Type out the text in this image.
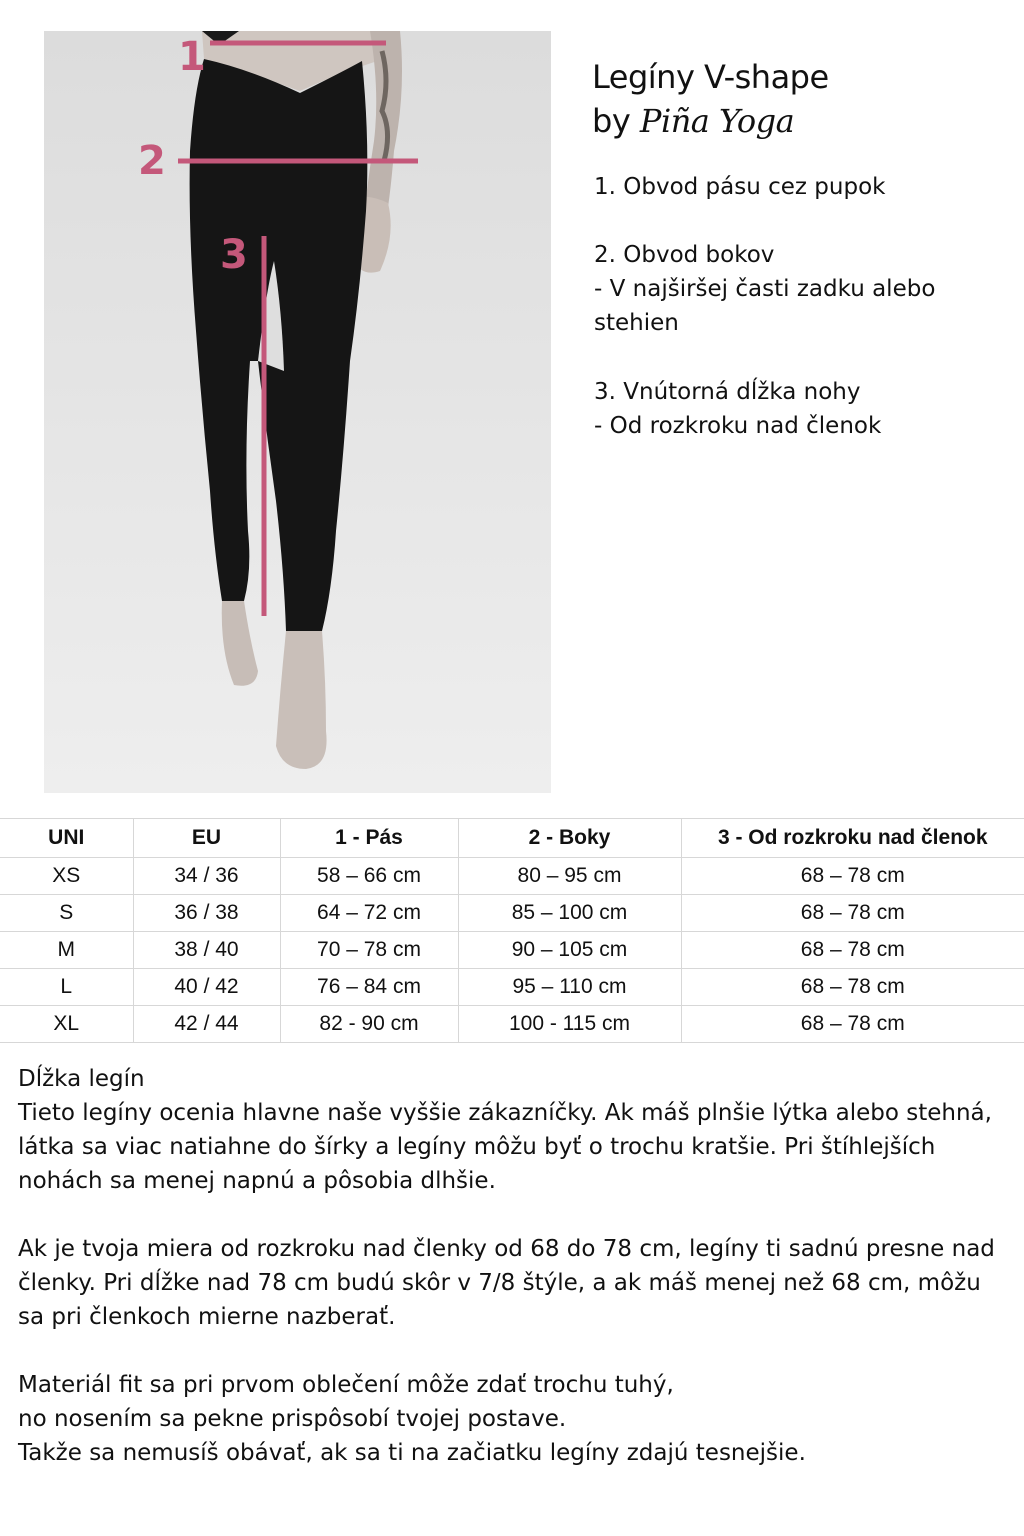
1
2
3
Legíny V-shape
by Piña Yoga
1. Obvod pásu cez pupok
2. Obvod bokov
- V najširšej časti zadku alebo stehien
3. Vnútorná dĺžka nohy
- Od rozkroku nad členok
UNI	EU	1 - Pás	2 - Boky	3 - Od rozkroku nad členok
XS	34 / 36	58 – 66 cm	80 – 95 cm	68 – 78 cm
S	36 / 38	64 – 72 cm	85 – 100 cm	68 – 78 cm
M	38 / 40	70 – 78 cm	90 – 105 cm	68 – 78 cm
L	40 / 42	76 – 84 cm	95 – 110 cm	68 – 78 cm
XL	42 / 44	82 - 90 cm	100 - 115 cm	68 – 78 cm

Dĺžka legín
Tieto legíny ocenia hlavne naše vyššie zákazníčky. Ak máš plnšie lýtka alebo stehná, látka sa viac natiahne do šírky a legíny môžu byť o trochu kratšie. Pri štíhlejších nohách sa menej napnú a pôsobia dlhšie.

Ak je tvoja miera od rozkroku nad členky od 68 do 78 cm, legíny ti sadnú presne nad členky. Pri dĺžke nad 78 cm budú skôr v 7/8 štýle, a ak máš menej než 68 cm, môžu sa pri členkoch mierne nazberať.

Materiál fit sa pri prvom oblečení môže zdať trochu tuhý,
no nosením sa pekne prispôsobí tvojej postave.
Takže sa nemusíš obávať, ak sa ti na začiatku legíny zdajú tesnejšie.
